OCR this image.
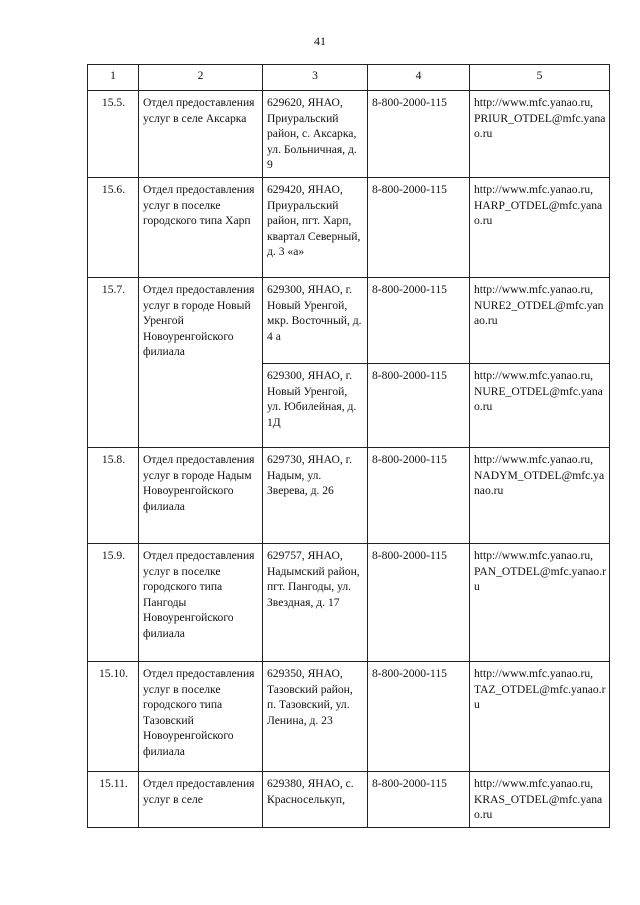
41
1	2	3	4	5
15.5.	Отдел предоставления услуг в селе Аксарка	629620, ЯНАО, Приуральский район, с. Аксарка, ул. Больничная, д. 9	8-800-2000-115	http://www.mfc.yanao.ru, PRIUR_OTDEL@mfc.yanao.ru
15.6.	Отдел предоставления услуг в поселке городского типа Харп	629420, ЯНАО, Приуральский район, пгт. Харп, квартал Северный, д. 3 «а»	8-800-2000-115	http://www.mfc.yanao.ru, HARP_OTDEL@mfc.yanao.ru
15.7.	Отдел предоставления услуг в городе Новый Уренгой Новоуренгойского филиала	629300, ЯНАО, г. Новый Уренгой, мкр. Восточный, д. 4 а	8-800-2000-115	http://www.mfc.yanao.ru, NURE2_OTDEL@mfc.yanao.ru
		629300, ЯНАО, г. Новый Уренгой, ул. Юбилейная, д. 1Д	8-800-2000-115	http://www.mfc.yanao.ru, NURE_OTDEL@mfc.yanao.ru
15.8.	Отдел предоставления услуг в городе Надым Новоуренгойского филиала	629730, ЯНАО, г. Надым, ул. Зверева, д. 26	8-800-2000-115	http://www.mfc.yanao.ru, NADYM_OTDEL@mfc.yanao.ru
15.9.	Отдел предоставления услуг в поселке городского типа Пангоды Новоуренгойского филиала	629757, ЯНАО, Надымский район, пгт. Пангоды, ул. Звездная, д. 17	8-800-2000-115	http://www.mfc.yanao.ru, PAN_OTDEL@mfc.yanao.ru
15.10.	Отдел предоставления услуг в поселке городского типа Тазовский Новоуренгойского филиала	629350, ЯНАО, Тазовский район, п. Тазовский, ул. Ленина, д. 23	8-800-2000-115	http://www.mfc.yanao.ru, TAZ_OTDEL@mfc.yanao.ru
15.11.	Отдел предоставления услуг в селе	629380, ЯНАО, с. Красноселькуп,	8-800-2000-115	http://www.mfc.yanao.ru, KRAS_OTDEL@mfc.yanao.ru
